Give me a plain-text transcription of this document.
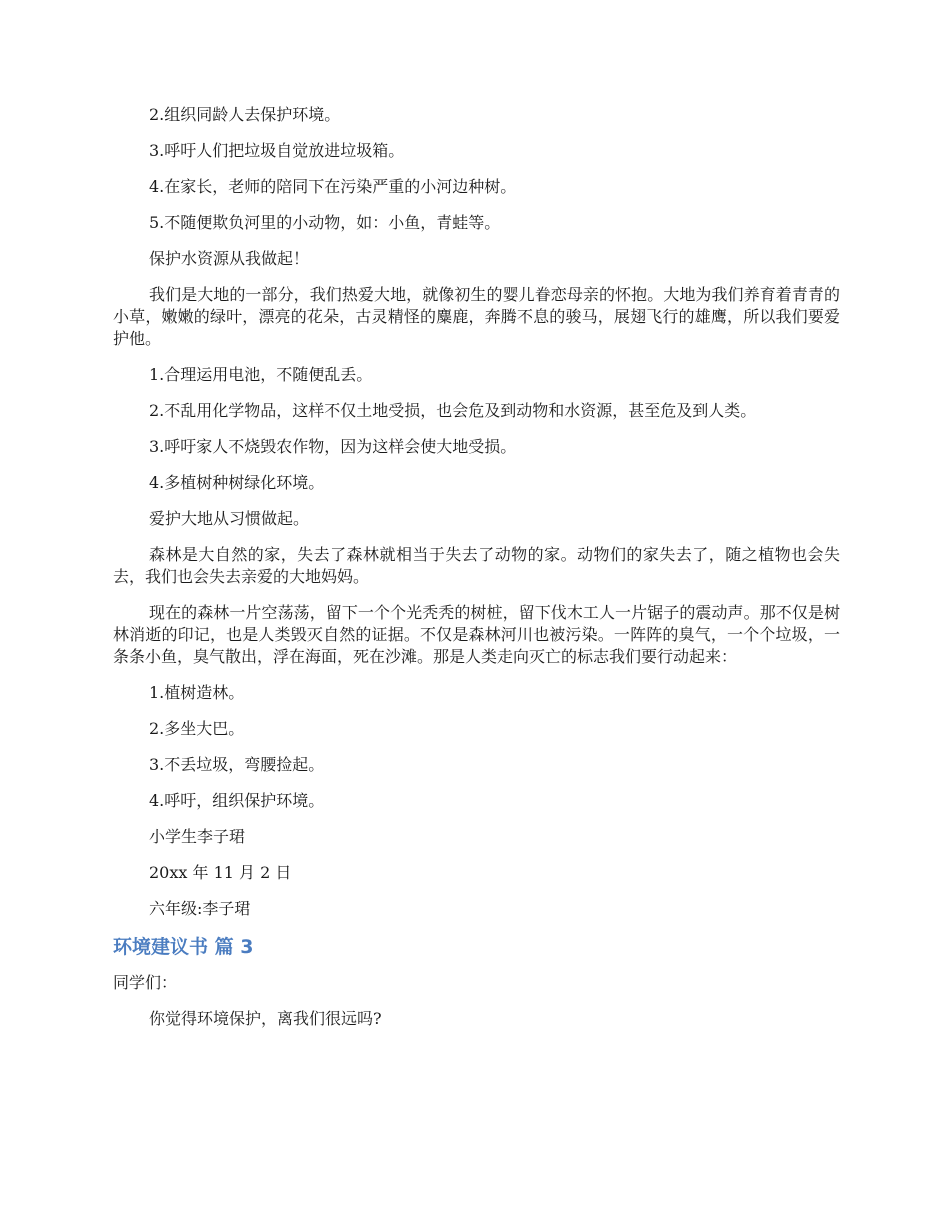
2.组织同龄人去保护环境。

3.呼吁人们把垃圾自觉放进垃圾箱。

4.在家长，老师的陪同下在污染严重的小河边种树。

5.不随便欺负河里的小动物，如：小鱼，青蛙等。

保护水资源从我做起！

我们是大地的一部分，我们热爱大地，就像初生的婴儿眷恋母亲的怀抱。大地为我们养育着青青的小草，嫩嫩的绿叶，漂亮的花朵，古灵精怪的麋鹿，奔腾不息的骏马，展翅飞行的雄鹰，所以我们要爱护他。

1.合理运用电池，不随便乱丢。

2.不乱用化学物品，这样不仅土地受损，也会危及到动物和水资源，甚至危及到人类。

3.呼吁家人不烧毁农作物，因为这样会使大地受损。

4.多植树种树绿化环境。

爱护大地从习惯做起。

森林是大自然的家，失去了森林就相当于失去了动物的家。动物们的家失去了，随之植物也会失去，我们也会失去亲爱的大地妈妈。

现在的森林一片空荡荡，留下一个个光秃秃的树桩，留下伐木工人一片锯子的震动声。那不仅是树林消逝的印记，也是人类毁灭自然的证据。不仅是森林河川也被污染。一阵阵的臭气，一个个垃圾，一条条小鱼，臭气散出，浮在海面，死在沙滩。那是人类走向灭亡的标志我们要行动起来：

1.植树造林。

2.多坐大巴。

3.不丢垃圾，弯腰捡起。

4.呼吁，组织保护环境。

小学生李子珺

20xx 年 11 月 2 日

六年级:李子珺

环境建议书 篇 3

同学们：

你觉得环境保护，离我们很远吗?
